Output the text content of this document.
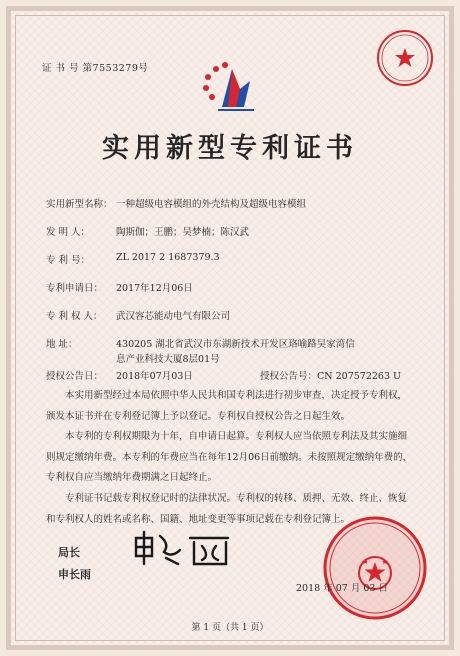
证 书 号 第7553279号
实用新型专利证书
实用新型名称： 一种超级电容模组的外壳结构及超级电容模组
发 明 人：	陶斯伽；王鹏；吴梦楠；陈汉武
专 利 号：	ZL 2017 2 1687379.3
专利申请日： 2017年12月06日
专 利 权 人： 武汉容芯能动电气有限公司
地 址：	430205 湖北省武汉市东湖新技术开发区珞喻路吴家湾信
息产业科技大厦8层01号
授权公告日： 2018年07月03日	授权公告号：CN 207572263 U
本实用新型经过本局依照中华人民共和国专利法进行初步审查，决定授予专利权，颁发本证书并在专利登记簿上予以登记。专利权自授权公告之日起生效。
本专利的专利权期限为十年，自申请日起算。专利权人应当依照专利法及其实施细则规定缴纳年费。本专利的年费应当在每年12月06日前缴纳。未按照规定缴纳年费的，专利权自应当缴纳年费期满之日起终止。
专利证书记载专利权登记时的法律状况。专利权的转移、质押、无效、终止、恢复和专利权人的姓名或名称、国籍、地址变更等事项记载在专利登记簿上。
局长
申长雨
2018 年 07 月 03 日
第 1 页（共 1 页）
